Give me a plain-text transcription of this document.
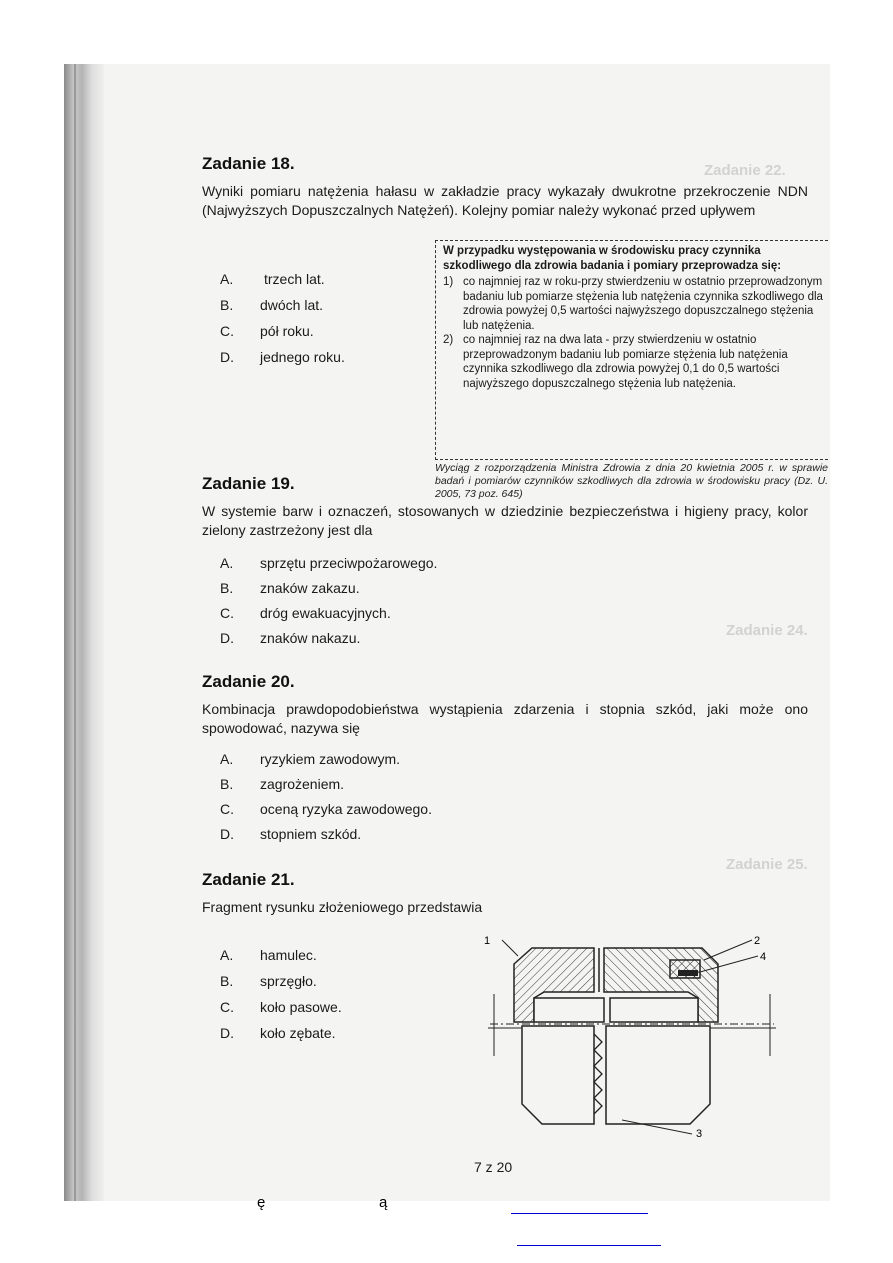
Zadanie 22.
Zadanie 24.
Zadanie 25.
Zadanie 18.

Wyniki pomiaru natężenia hałasu w zakładzie pracy wykazały dwukrotne przekroczenie NDN (Najwyższych Dopuszczalnych Natężeń). Kolejny pomiar należy wykonać przed upływem

A.	trzech lat.
B.	dwóch lat.
C.	pół roku.
D.	jednego roku.

W przypadku występowania w środowisku pracy czynnika szkodliwego dla zdrowia badania i pomiary przeprowadza się:

1) co najmniej raz w roku-przy stwierdzeniu w ostatnio przeprowadzonym badaniu lub pomiarze stężenia lub natężenia czynnika szkodliwego dla zdrowia powyżej 0,5 wartości najwyższego dopuszczalnego stężenia lub natężenia.
2) co najmniej raz na dwa lata - przy stwierdzeniu w ostatnio przeprowadzonym badaniu lub pomiarze stężenia lub natężenia czynnika szkodliwego dla zdrowia powyżej 0,1 do 0,5 wartości najwyższego dopuszczalnego stężenia lub natężenia.

Wyciąg z rozporządzenia Ministra Zdrowia z dnia 20 kwietnia 2005 r. w sprawie badań i pomiarów czynników szkodliwych dla zdrowia w środowisku pracy (Dz. U. 2005, 73 poz. 645)

Zadanie 19.

W systemie barw i oznaczeń, stosowanych w dziedzinie bezpieczeństwa i higieny pracy, kolor zielony zastrzeżony jest dla

A.	sprzętu przeciwpożarowego.
B.	znaków zakazu.
C.	dróg ewakuacyjnych.
D.	znaków nakazu.
Zadanie 20.

Kombinacja prawdopodobieństwa wystąpienia zdarzenia i stopnia szkód, jaki może ono spowodować, nazywa się

A.	ryzykiem zawodowym.
B.	zagrożeniem.
C.	oceną ryzyka zawodowego.
D.	stopniem szkód.
Zadanie 21.

Fragment rysunku złożeniowego przedstawia

A.	hamulec.
B.	sprzęgło.
C.	koło pasowe.
D.	koło zębate.
1	2
4
3
7 z 20
ę	ą
